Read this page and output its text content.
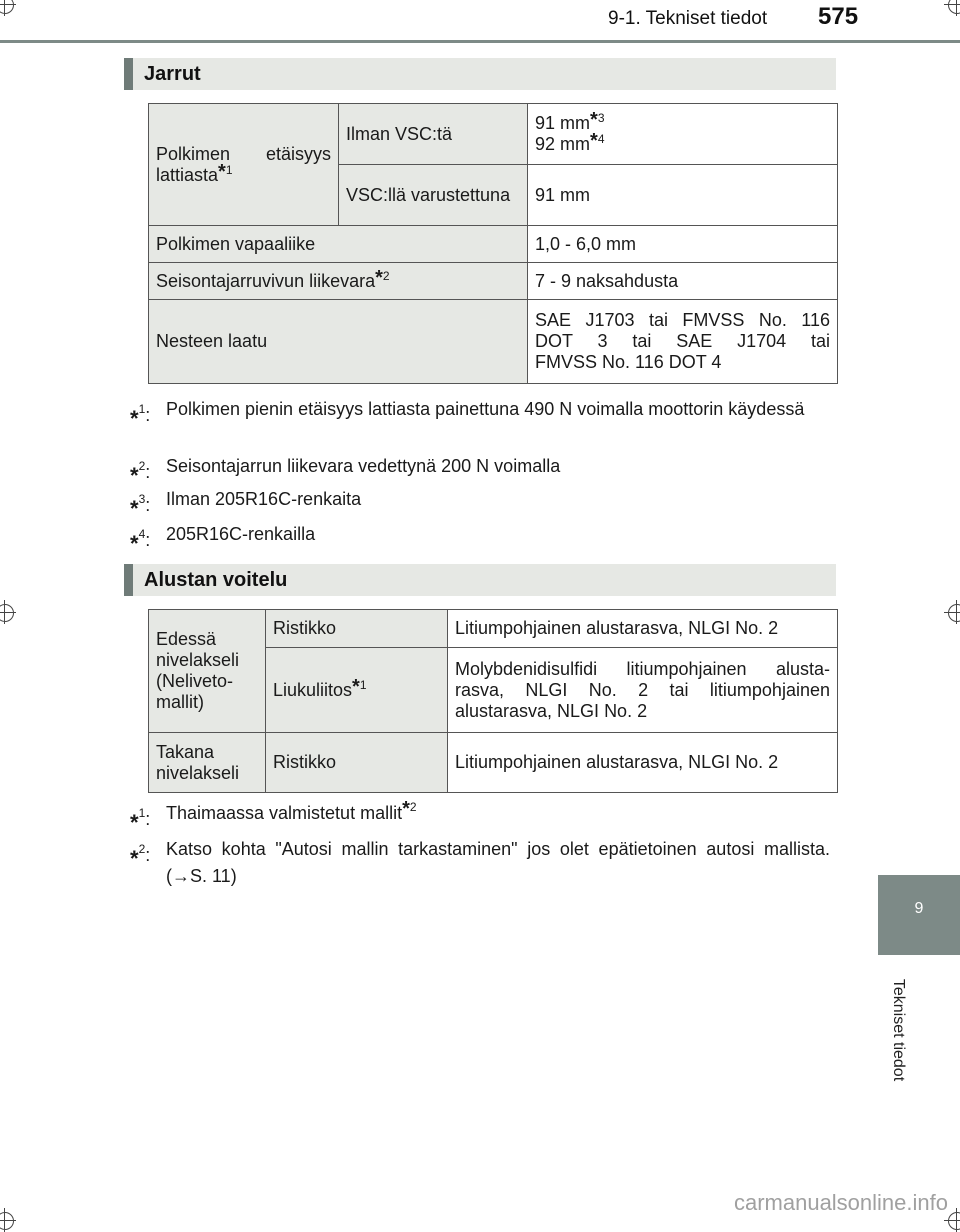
9-1. Tekniset tiedot 575
9
Tekniset tiedot
Jarrut
Polkimen etäisyys lattiasta$^{*1}$	Ilman VSC:tä	91 $mm^{*3}$
92 $mm^{*4}$
	VSC:llä varustettuna	91 mm
Polkimen vapaaliike		1,0 - 6,0 mm
Seisontajarruvivun liikevara$^{*2}$		7 - 9 naksahdusta
Nesteen laatu		SAE J1703 tai FMVSS No. 116
DOT 3 tai SAE J1704 tai
FMVSS No. 116 DOT 4
*$^1$: Polkimen pienin etäisyys lattiasta painettuna 490 N voimalla moottorin käydessä
*$^2$: Seisontajarrun liikevara vedettynä 200 N voimalla
*$^3$: Ilman 205R16C-renkaita
*$^4$: 205R16C-renkailla
Alustan voitelu
Edessä nivelakseli (Neliveto-mallit)	Ristikko	Litiumpohjainen alustarasva, NLGI No. 2
	Liukuliitos$^{*1}$	Molybdenidisulfidi litiumpohjainen alusta-rasva, NLGI No. 2 tai litiumpohjainen alustarasva, NLGI No. 2
Takana nivelakseli	Ristikko	Litiumpohjainen alustarasva, NLGI No. 2
*$^1$: Thaimaassa valmistetut mallit$^{*2}$
*$^2$: Katso kohta "Autosi mallin tarkastaminen" jos olet epätietoinen autosi mallista. (→S. 11)
carmanualsonline.info
